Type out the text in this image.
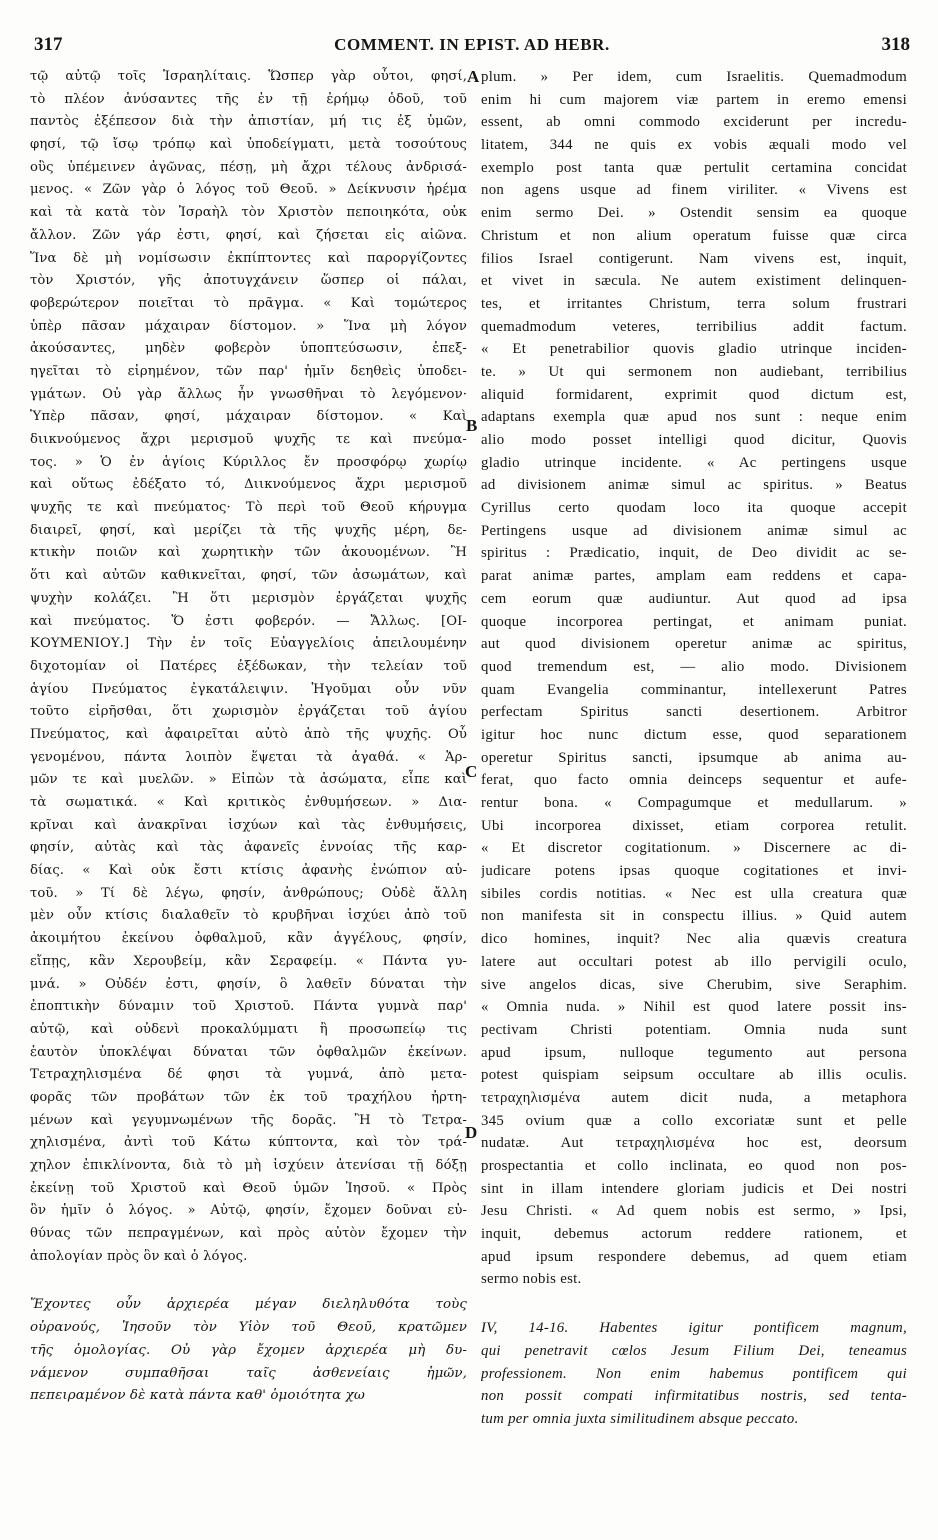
317	COMMENT. IN EPIST. AD HEBR.	318
τῷ αὐτῷ τοῖς Ἰσραηλίταις. Ὥσπερ γὰρ οὗτοι, φησί,
τὸ πλέον ἀνύσαντες τῆς ἐν τῇ ἐρήμῳ ὁδοῦ, τοῦ
παντὸς ἐξέπεσον διὰ τὴν ἀπιστίαν, μή τις ἐξ ὑμῶν,
φησί, τῷ ἴσῳ τρόπῳ καὶ ὑποδείγματι, μετὰ τοσούτους
οὓς ὑπέμεινεν ἀγῶνας, πέσῃ, μὴ ἄχρι τέλους ἀνδρισά-
μενος. « Ζῶν γὰρ ὁ λόγος τοῦ Θεοῦ. » Δείκνυσιν ἠρέμα
καὶ τὰ κατὰ τὸν Ἰσραὴλ τὸν Χριστὸν πεποιηκότα, οὐκ
ἄλλον. Ζῶν γάρ ἐστι, φησί, καὶ ζήσεται εἰς αἰῶνα.
Ἵνα δὲ μὴ νομίσωσιν ἐκπίπτοντες καὶ παροργίζοντες
τὸν Χριστόν, γῆς ἀποτυγχάνειν ὥσπερ οἱ πάλαι,
φοβερώτερον ποιεῖται τὸ πρᾶγμα. « Καὶ τομώτερος
ὑπὲρ πᾶσαν μάχαιραν δίστομον. » Ἵνα μὴ λόγον
ἀκούσαντες, μηδὲν φοβερὸν ὑποπτεύσωσιν, ἐπεξ-
ηγεῖται τὸ εἰρημένον, τῶν παρ' ἡμῖν δεηθεὶς ὑποδει-
γμάτων. Οὐ γὰρ ἄλλως ἦν γνωσθῆναι τὸ λεγόμενον·
Ὑπὲρ πᾶσαν, φησί, μάχαιραν δίστομον. « Καὶ
διικνούμενος ἄχρι μερισμοῦ ψυχῆς τε καὶ πνεύμα-
τος. » Ὁ ἐν ἁγίοις Κύριλλος ἔν προσφόρῳ χωρίῳ
καὶ οὕτως ἐδέξατο τό, Διικνούμενος ἄχρι μερισμοῦ
ψυχῆς τε καὶ πνεύματος· Τὸ περὶ τοῦ Θεοῦ κήρυγμα
διαιρεῖ, φησί, καὶ μερίζει τὰ τῆς ψυχῆς μέρη, δε-
κτικὴν ποιῶν καὶ χωρητικὴν τῶν ἀκουομένων. Ἢ
ὅτι καὶ αὐτῶν καθικνεῖται, φησί, τῶν ἀσωμάτων, καὶ
ψυχὴν κολάζει. Ἢ ὅτι μερισμὸν ἐργάζεται ψυχῆς
καὶ πνεύματος. Ὅ ἐστι φοβερόν. — Ἄλλως. [ΟΙ-
ΚΟΥΜΕΝΙΟΥ.] Τὴν ἐν τοῖς Εὐαγγελίοις ἀπειλουμένην
διχοτομίαν οἱ Πατέρες ἐξέδωκαν, τὴν τελείαν τοῦ
ἁγίου Πνεύματος ἐγκατάλειψιν. Ἡγοῦμαι οὖν νῦν
τοῦτο εἰρῆσθαι, ὅτι χωρισμὸν ἐργάζεται τοῦ ἁγίου
Πνεύματος, καὶ ἀφαιρεῖται αὐτὸ ἀπὸ τῆς ψυχῆς. Οὗ
γενομένου, πάντα λοιπὸν ἕψεται τὰ ἀγαθά. « Ἁρ-
μῶν τε καὶ μυελῶν. » Εἰπὼν τὰ ἀσώματα, εἶπε καὶ
τὰ σωματικά. « Καὶ κριτικὸς ἐνθυμήσεων. » Δια-
κρῖναι καὶ ἀνακρῖναι ἰσχύων καὶ τὰς ἐνθυμήσεις,
φησίν, αὐτὰς καὶ τὰς ἀφανεῖς ἐννοίας τῆς καρ-
δίας. « Καὶ οὐκ ἔστι κτίσις ἀφανὴς ἐνώπιον αὐ-
τοῦ. » Τί δὲ λέγω, φησίν, ἀνθρώπους; Οὐδὲ ἄλλη
μὲν οὖν κτίσις διαλαθεῖν τὸ κρυβῆναι ἰσχύει ἀπὸ τοῦ
ἀκοιμήτου ἐκείνου ὀφθαλμοῦ, κἂν ἀγγέλους, φησίν,
εἴπῃς, κἂν Χερουβείμ, κἂν Σεραφείμ. « Πάντα γυ-
μνά. » Οὐδέν ἐστι, φησίν, ὃ λαθεῖν δύναται τὴν
ἐποπτικὴν δύναμιν τοῦ Χριστοῦ. Πάντα γυμνὰ παρ'
αὐτῷ, καὶ οὐδενὶ προκαλύμματι ἢ προσωπείῳ τις
ἑαυτὸν ὑποκλέψαι δύναται τῶν ὀφθαλμῶν ἐκείνων.
Τετραχηλισμένα δέ φησι τὰ γυμνά, ἀπὸ μετα-
φορᾶς τῶν προβάτων τῶν ἐκ τοῦ τραχήλου ἠρτη-
μένων καὶ γεγυμνωμένων τῆς δορᾶς. Ἢ τὸ Τετρα-
χηλισμένα, ἀντὶ τοῦ Κάτω κύπτοντα, καὶ τὸν τρά-
χηλον ἐπικλίνοντα, διὰ τὸ μὴ ἰσχύειν ἀτενίσαι τῇ δόξῃ
ἐκείνῃ τοῦ Χριστοῦ καὶ Θεοῦ ὑμῶν Ἰησοῦ. « Πρὸς
ὃν ἡμῖν ὁ λόγος. » Αὐτῷ, φησίν, ἔχομεν δοῦναι εὐ-
θύνας τῶν πεπραγμένων, καὶ πρὸς αὐτὸν ἔχομεν τὴν
ἀπολογίαν πρὸς ὃν καὶ ὁ λόγος.
Ἔχοντες οὖν ἀρχιερέα μέγαν διεληλυθότα τοὺς
οὐρανούς, Ἰησοῦν τὸν Υἱὸν τοῦ Θεοῦ, κρατῶμεν
τῆς ὁμολογίας. Οὐ γὰρ ἔχομεν ἀρχιερέα μὴ δυ-
νάμενον συμπαθῆσαι ταῖς ἀσθενείαις ἡμῶν,
πεπειραμένον δὲ κατὰ πάντα καθ' ὁμοιότητα χω
plum. » Per idem, cum Israelitis. Quemadmodum
enim hi cum majorem viæ partem in eremo emensi
essent, ab omni commodo exciderunt per incredu-
litatem, 344 ne quis ex vobis æquali modo vel
exemplo post tanta quæ pertulit certamina concidat
non agens usque ad finem viriliter. « Vivens est
enim sermo Dei. » Ostendit sensim ea quoque
Christum et non alium operatum fuisse quæ circa
filios Israel contigerunt. Nam vivens est, inquit,
et vivet in sæcula. Ne autem existiment delinquen-
tes, et irritantes Christum, terra solum frustrari
quemadmodum veteres, terribilius addit factum.
« Et penetrabilior quovis gladio utrinque inciden-
te. » Ut qui sermonem non audiebant, terribilius
aliquid formidarent, exprimit quod dictum est,
adaptans exempla quæ apud nos sunt : neque enim
alio modo posset intelligi quod dicitur, Quovis
gladio utrinque incidente. « Ac pertingens usque
ad divisionem animæ simul ac spiritus. » Beatus
Cyrillus certo quodam loco ita quoque accepit
Pertingens usque ad divisionem animæ simul ac
spiritus : Prædicatio, inquit, de Deo dividit ac se-
parat animæ partes, amplam eam reddens et capa-
cem eorum quæ audiuntur. Aut quod ad ipsa
quoque incorporea pertingat, et animam puniat.
aut quod divisionem operetur animæ ac spiritus,
quod tremendum est, — alio modo. Divisionem
quam Evangelia comminantur, intellexerunt Patres
perfectam Spiritus sancti desertionem. Arbitror
igitur hoc nunc dictum esse, quod separationem
operetur Spiritus sancti, ipsumque ab anima au-
ferat, quo facto omnia deinceps sequentur et aufe-
rentur bona. « Compagumque et medullarum. »
Ubi incorporea dixisset, etiam corporea retulit.
« Et discretor cogitationum. » Discernere ac di-
judicare potens ipsas quoque cogitationes et invi-
sibiles cordis notitias. « Nec est ulla creatura quæ
non manifesta sit in conspectu illius. » Quid autem
dico homines, inquit? Nec alia quævis creatura
latere aut occultari potest ab illo pervigili oculo,
sive angelos dicas, sive Cherubim, sive Seraphim.
« Omnia nuda. » Nihil est quod latere possit ins-
pectivam Christi potentiam. Omnia nuda sunt
apud ipsum, nulloque tegumento aut persona
potest quispiam seipsum occultare ab illis oculis.
τετραχηλισμένα autem dicit nuda, a metaphora
345 ovium quæ a collo excoriatæ sunt et pelle
nudatæ. Aut τετραχηλισμένα hoc est, deorsum
prospectantia et collo inclinata, eo quod non pos-
sint in illam intendere gloriam judicis et Dei nostri
Jesu Christi. « Ad quem nobis est sermo, » Ipsi,
inquit, debemus actorum reddere rationem, et
apud ipsum respondere debemus, ad quem etiam
sermo nobis est.
IV, 14-16. Habentes igitur pontificem magnum,
qui penetravit cœlos Jesum Filium Dei, teneamus
professionem. Non enim habemus pontificem qui
non possit compati infirmitatibus nostris, sed tenta-
tum per omnia juxta similitudinem absque peccato.
A
B
C
D
